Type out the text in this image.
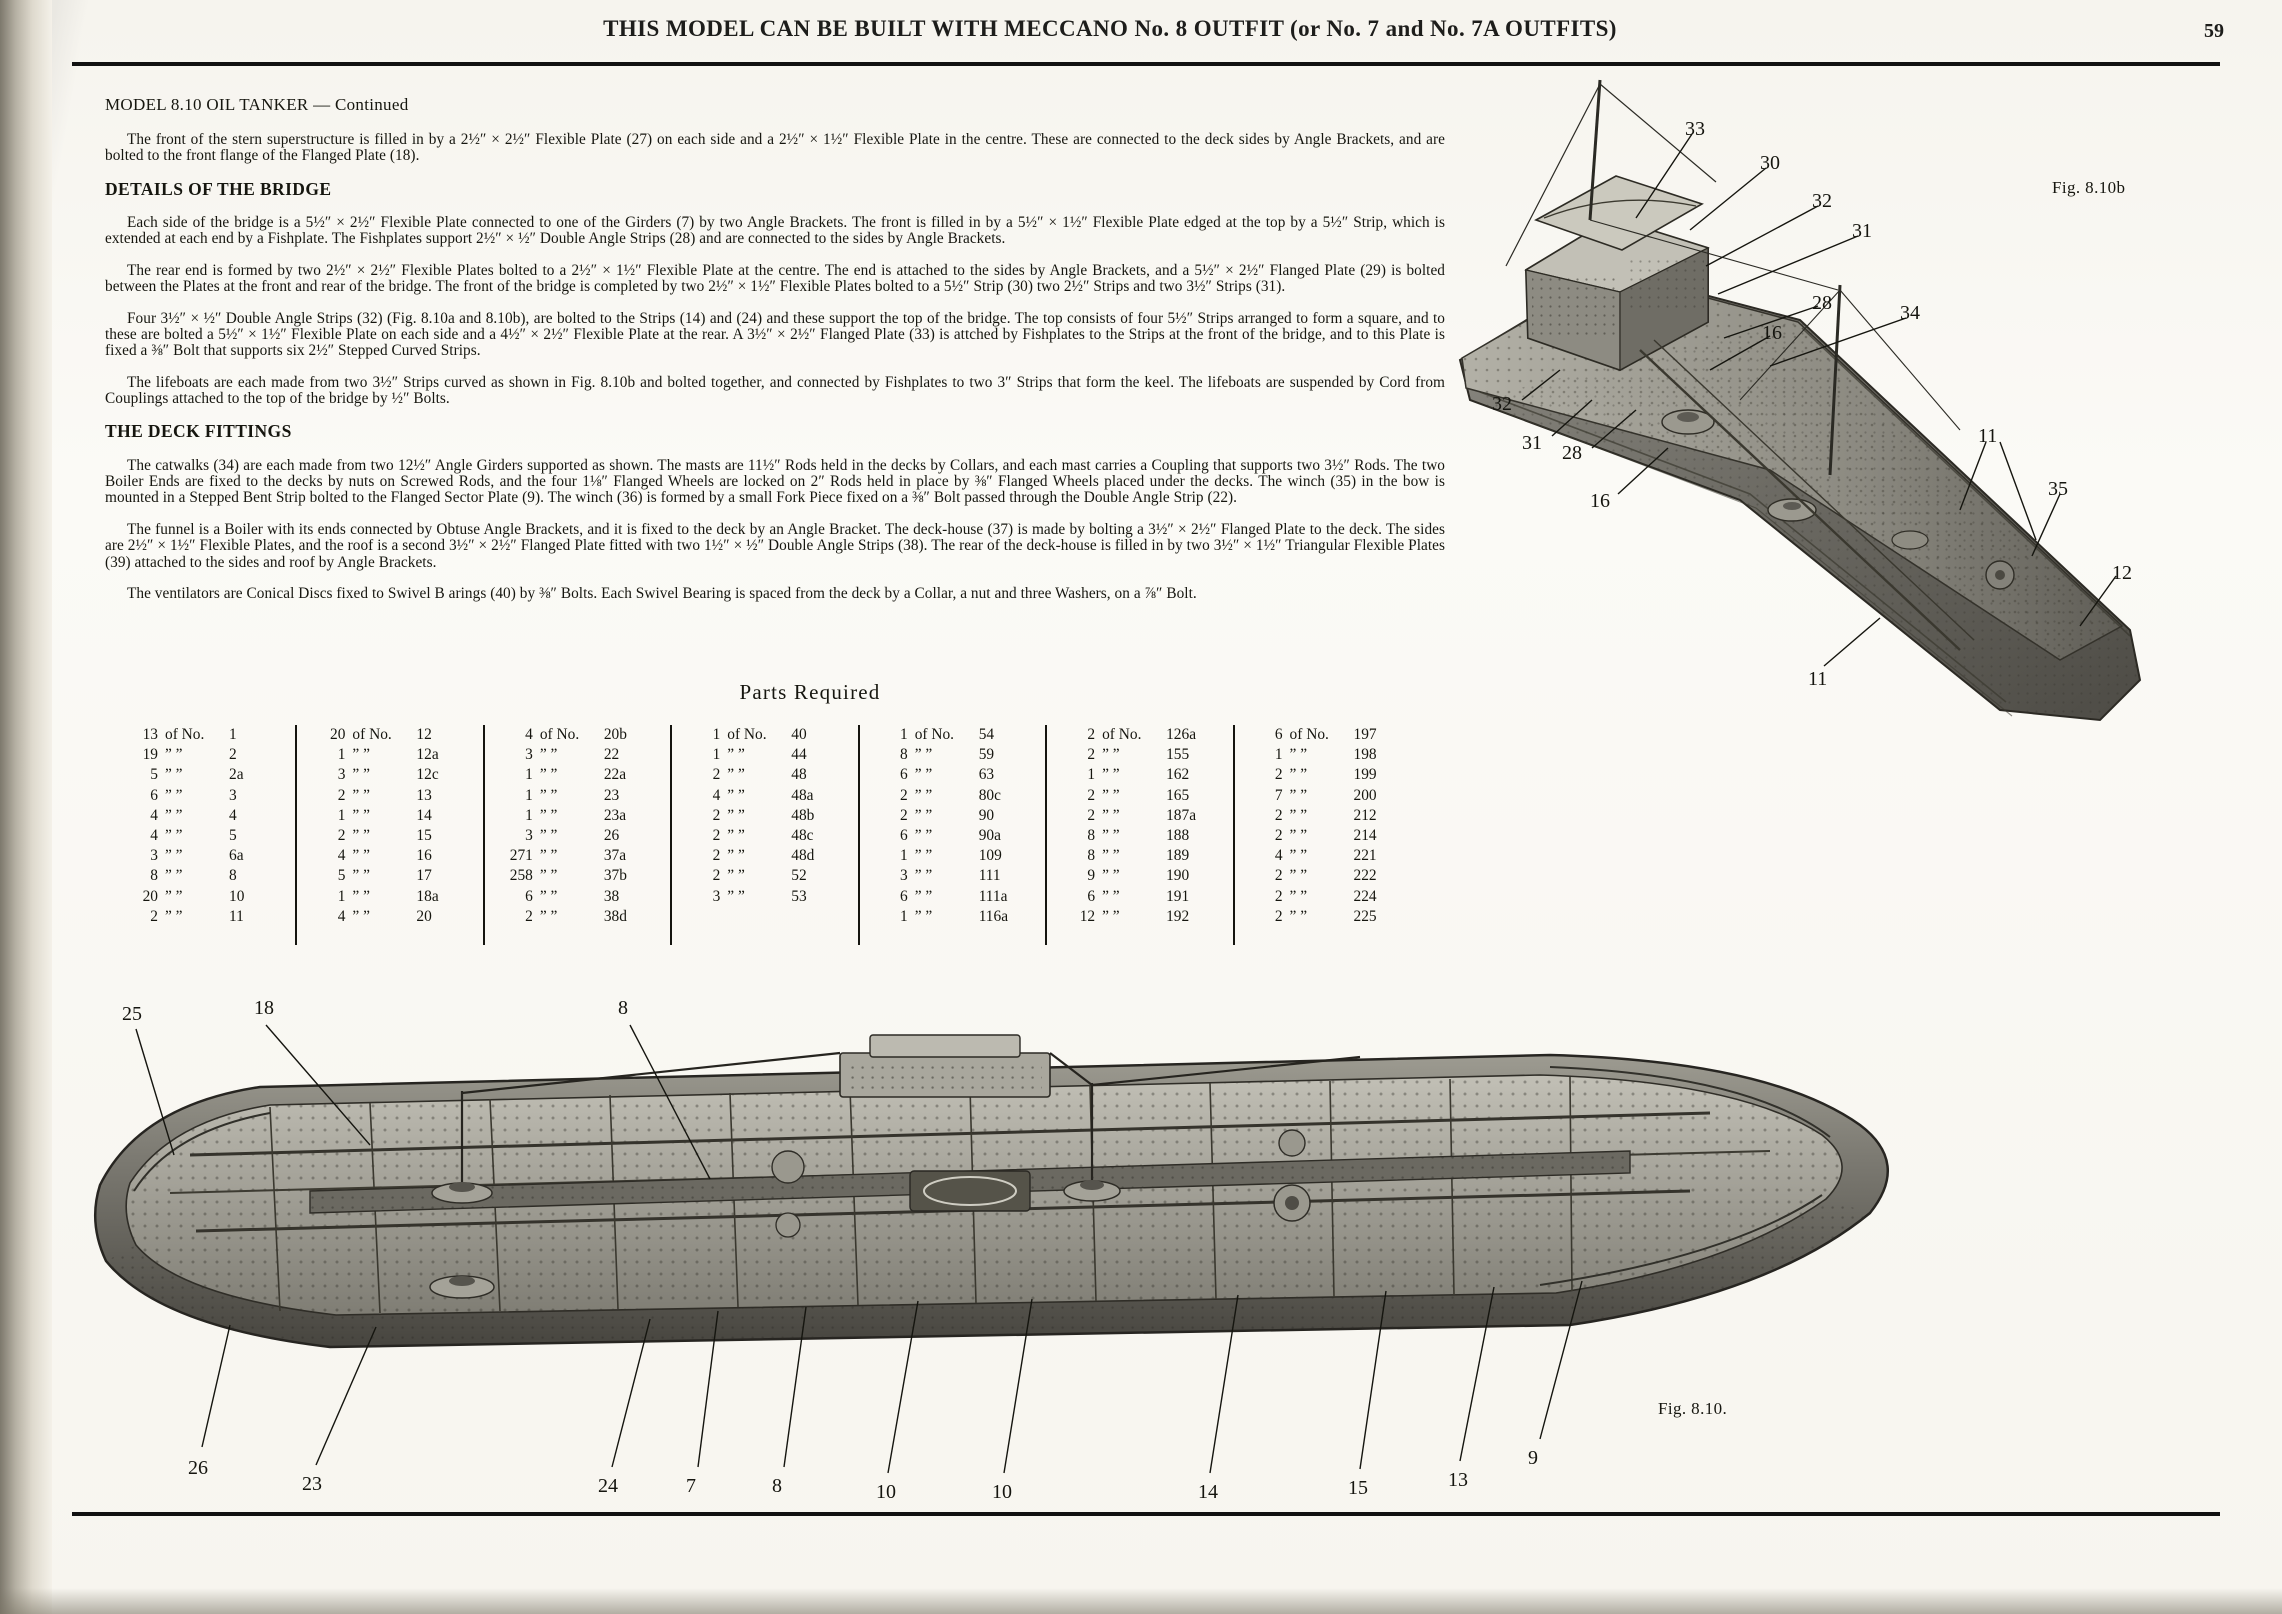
THIS MODEL CAN BE BUILT WITH MECCANO No. 8 OUTFIT (or No. 7 and No. 7A OUTFITS)	59
MODEL 8.10 OIL TANKER — Continued

The front of the stern superstructure is filled in by a 2½″ × 2½″ Flexible Plate (27) on each side and a 2½″ × 1½″ Flexible Plate in the centre. These are connected to the deck sides by Angle Brackets, and are bolted to the front flange of the Flanged Plate (18).

DETAILS OF THE BRIDGE

Each side of the bridge is a 5½″ × 2½″ Flexible Plate connected to one of the Girders (7) by two Angle Brackets. The front is filled in by a 5½″ × 1½″ Flexible Plate edged at the top by a 5½″ Strip, which is extended at each end by a Fishplate. The Fishplates support 2½″ × ½″ Double Angle Strips (28) and are connected to the sides by Angle Brackets.

The rear end is formed by two 2½″ × 2½″ Flexible Plates bolted to a 2½″ × 1½″ Flexible Plate at the centre. The end is attached to the sides by Angle Brackets, and a 5½″ × 2½″ Flanged Plate (29) is bolted between the Plates at the front and rear of the bridge. The front of the bridge is completed by two 2½″ × 1½″ Flexible Plates bolted to a 5½″ Strip (30) two 2½″ Strips and two 3½″ Strips (31).

Four 3½″ × ½″ Double Angle Strips (32) (Fig. 8.10a and 8.10b), are bolted to the Strips (14) and (24) and these support the top of the bridge. The top consists of four 5½″ Strips arranged to form a square, and to these are bolted a 5½″ × 1½″ Flexible Plate on each side and a 4½″ × 2½″ Flexible Plate at the rear. A 3½″ × 2½″ Flanged Plate (33) is attched by Fishplates to the Strips at the front of the bridge, and to this Plate is fixed a ⅜″ Bolt that supports six 2½″ Stepped Curved Strips.

The lifeboats are each made from two 3½″ Strips curved as shown in Fig. 8.10b and bolted together, and connected by Fishplates to two 3″ Strips that form the keel. The lifeboats are suspended by Cord from Couplings attached to the top of the bridge by ½″ Bolts.

THE DECK FITTINGS

The catwalks (34) are each made from two 12½″ Angle Girders supported as shown. The masts are 11½″ Rods held in the decks by Collars, and each mast carries a Coupling that supports two 3½″ Rods. The two Boiler Ends are fixed to the decks by nuts on Screwed Rods, and the four 1⅛″ Flanged Wheels are locked on 2″ Rods held in place by ⅜″ Flanged Wheels placed under the decks. The winch (35) in the bow is mounted in a Stepped Bent Strip bolted to the Flanged Sector Plate (9). The winch (36) is formed by a small Fork Piece fixed on a ⅜″ Bolt passed through the Double Angle Strip (22).

The funnel is a Boiler with its ends connected by Obtuse Angle Brackets, and it is fixed to the deck by an Angle Bracket. The deck-house (37) is made by bolting a 3½″ × 2½″ Flanged Plate to the deck. The sides are 2½″ × 1½″ Flexible Plates, and the roof is a second 3½″ × 2½″ Flanged Plate fitted with two 1½″ × ½″ Double Angle Strips (38). The rear of the deck-house is filled in by two 3½″ × 1½″ Triangular Flexible Plates (39) attached to the sides and roof by Angle Brackets.

The ventilators are Conical Discs fixed to Swivel B arings (40) by ⅜″ Bolts. Each Swivel Bearing is spaced from the deck by a Collar, a nut and three Washers, on a ⅞″ Bolt.

Parts Required
13 of No.	1
19 ” ”	2
5 ” ”	2a
6 ” ”	3
4 ” ”	4
4 ” ”	5
3 ” ”	6a
8 ” ”	8
20 ” ”	10
2 ” ”	11
20 of No.	12
1 ” ”	12a
3 ” ”	12c
2 ” ”	13
1 ” ”	14
2 ” ”	15
4 ” ”	16
5 ” ”	17
1 ” ”	18a
4 ” ”	20
4 of No.	20b
3 ” ”	22
1 ” ”	22a
1 ” ”	23
1 ” ”	23a
3 ” ”	26
271 ” ”	37a
258 ” ”	37b
6 ” ”	38
2 ” ”	38d
1 of No.	40
1 ” ”	44
2 ” ”	48
4 ” ”	48a
2 ” ”	48b
2 ” ”	48c
2 ” ”	48d
2 ” ”	52
3 ” ”	53
1 of No.	54
8 ” ”	59
6 ” ”	63
2 ” ”	80c
2 ” ”	90
6 ” ”	90a
1 ” ”	109
3 ” ”	111
6 ” ”	111a
1 ” ”	116a
2 of No.	126a
2 ” ”	155
1 ” ”	162
2 ” ”	165
2 ” ”	187a
8 ” ”	188
8 ” ”	189
9 ” ”	190
6 ” ”	191
12 ” ”	192
6 of No.	197
1 ” ”	198
2 ” ”	199
7 ” ”	200
2 ” ”	212
2 ” ”	214
4 ” ”	221
2 ” ”	222
2 ” ”	224
2 ” ”	225
Fig. 8.10b
33
30
32
31
28	34
16
32
31 28
16
11
35
12
11
Fig. 8.10.
25	18	8
26
23	24	7	8	10	10	14	15	13
9
